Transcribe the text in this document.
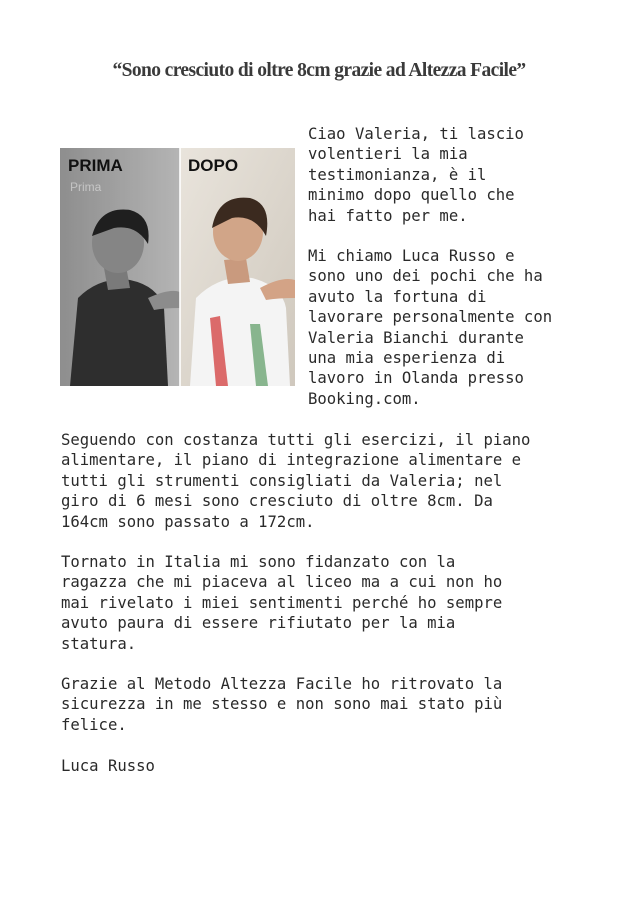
“Sono cresciuto di oltre 8cm grazie ad Altezza Facile”
PRIMA	DOPO
Prima

Ciao Valeria, ti lascio
volentieri la mia
testimonianza, è il
minimo dopo quello che
hai fatto per me.

Mi chiamo Luca Russo e
sono uno dei pochi che ha
avuto la fortuna di
lavorare personalmente con
Valeria Bianchi durante
una mia esperienza di
lavoro in Olanda presso
Booking.com.

Seguendo con costanza tutti gli esercizi, il piano
alimentare, il piano di integrazione alimentare e
tutti gli strumenti consigliati da Valeria; nel
giro di 6 mesi sono cresciuto di oltre 8cm. Da
164cm sono passato a 172cm.

Tornato in Italia mi sono fidanzato con la
ragazza che mi piaceva al liceo ma a cui non ho
mai rivelato i miei sentimenti perché ho sempre
avuto paura di essere rifiutato per la mia
statura.

Grazie al Metodo Altezza Facile ho ritrovato la
sicurezza in me stesso e non sono mai stato più
felice.

Luca Russo
